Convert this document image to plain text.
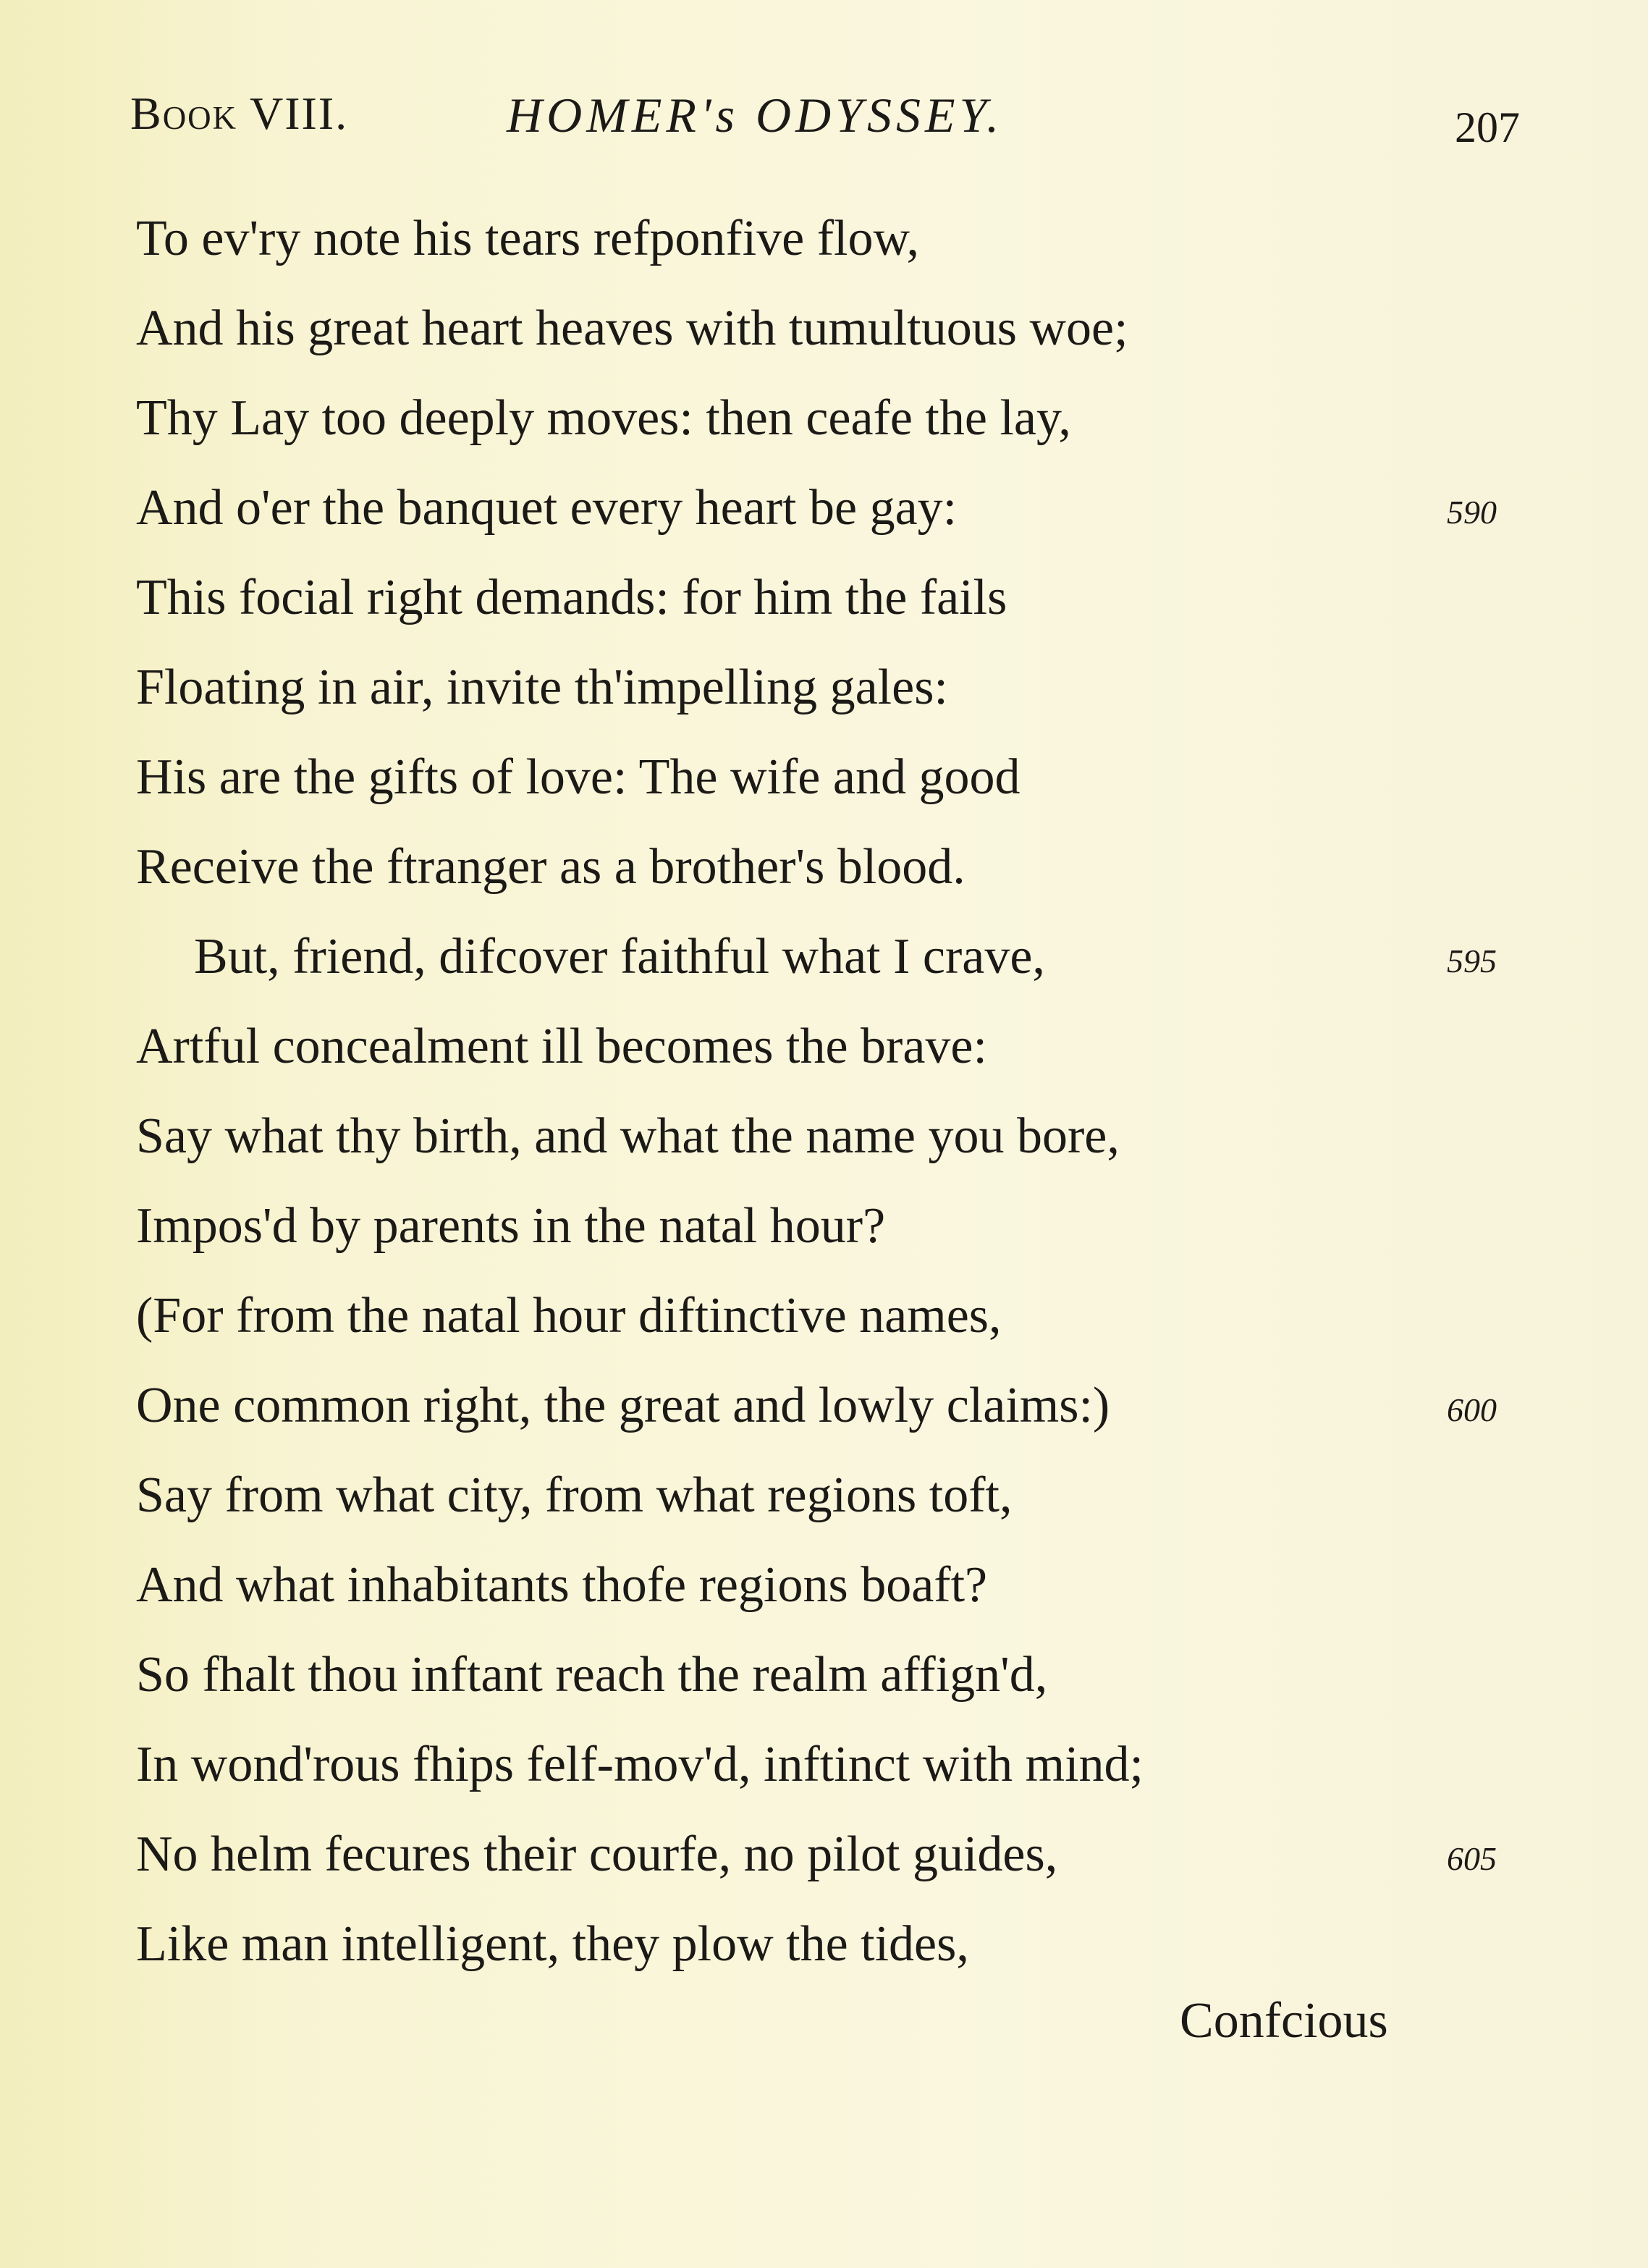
Book VIII.	HOMER's ODYSSEY.	207
To ev'ry note his tears refponfive flow,
And his great heart heaves with tumultuous woe;
Thy Lay too deeply moves: then ceafe the lay,
And o'er the banquet every heart be gay:	590
This focial right demands: for him the fails
Floating in air, invite th'impelling gales:
His are the gifts of love: The wife and good
Receive the ftranger as a brother's blood.
But, friend, difcover faithful what I crave,	595
Artful concealment ill becomes the brave:
Say what thy birth, and what the name you bore,
Impos'd by parents in the natal hour?
(For from the natal hour diftinctive names,
One common right, the great and lowly claims:)	600
Say from what city, from what regions toft,
And what inhabitants thofe regions boaft?
So fhalt thou inftant reach the realm affign'd,
In wond'rous fhips felf-mov'd, inftinct with mind;
No helm fecures their courfe, no pilot guides,	605
Like man intelligent, they plow the tides,
Confcious
